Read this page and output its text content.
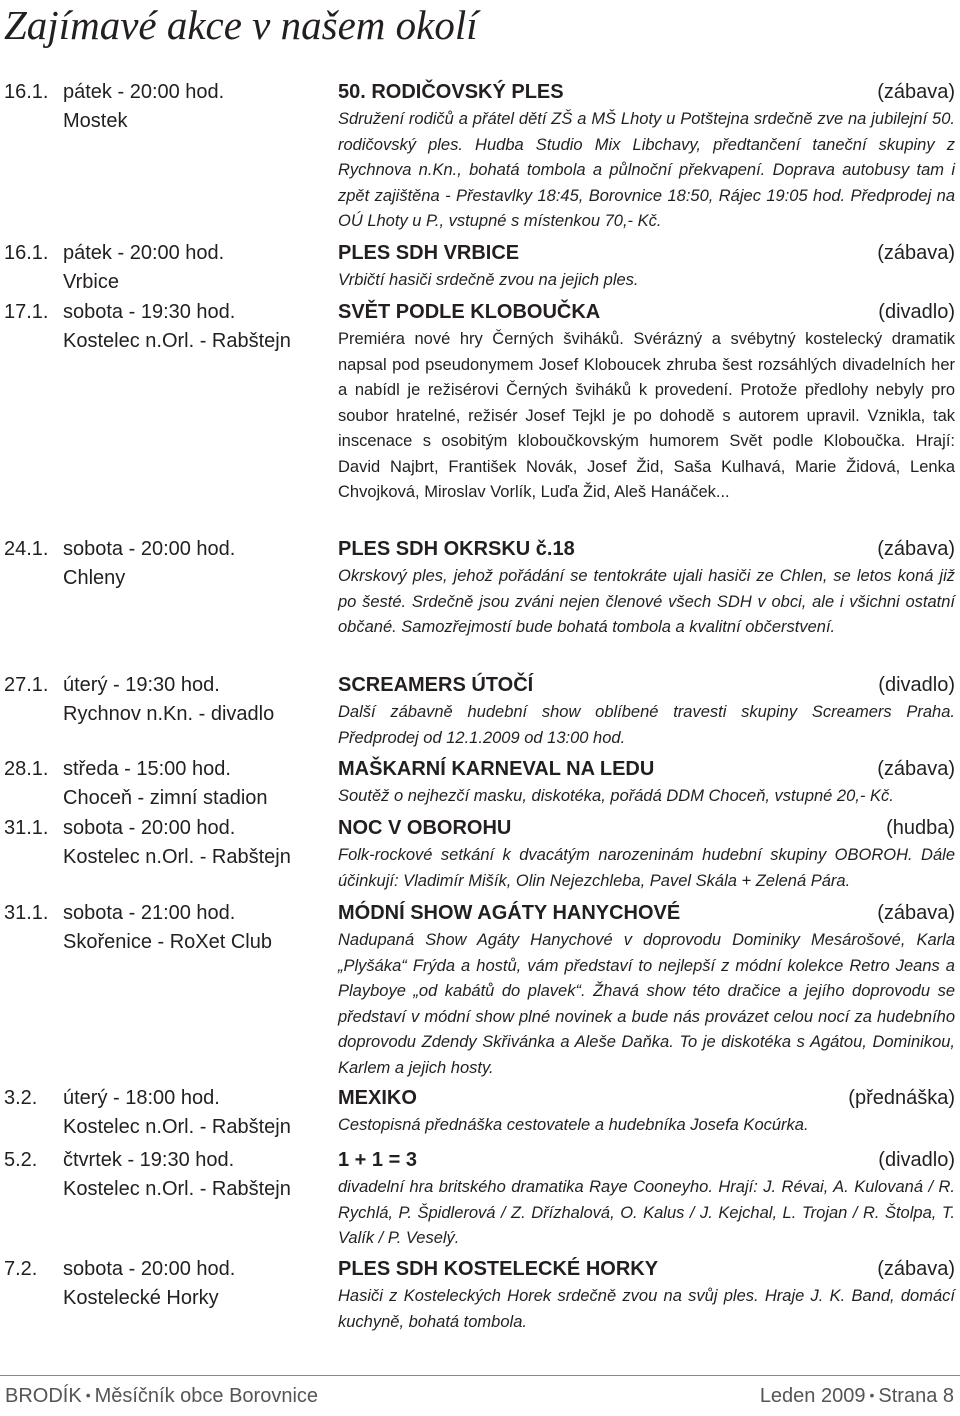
Zajímavé akce v našem okolí
16.1. pátek - 20:00 hod.
Mostek
50. RODIČOVSKÝ PLES	(zábava)

Sdružení rodičů a přátel dětí ZŠ a MŠ Lhoty u Potštejna srdečně zve na jubilejní 50. rodičovský ples. Hudba Studio Mix Libchavy, předtančení taneční skupiny z Rychnova n.Kn., bohatá tombola a půlnoční překvapení. Doprava autobusy tam i zpět zajištěna - Přestavlky 18:45, Borovnice 18:50, Rájec 19:05 hod. Předprodej na OÚ Lhoty u P., vstupné s místenkou 70,- Kč.

16.1. pátek - 20:00 hod.
Vrbice
PLES SDH VRBICE	(zábava)

Vrbičtí hasiči srdečně zvou na jejich ples.

17.1. sobota - 19:30 hod.
Kostelec n.Orl. - Rabštejn
SVĚT PODLE KLOBOUČKA	(divadlo)

Premiéra nové hry Černých šviháků. Svérázný a svébytný kostelecký dramatik napsal pod pseudonymem Josef Kloboucek zhruba šest rozsáhlých divadelních her a nabídl je režisérovi Černých šviháků k provedení. Protože předlohy nebyly pro soubor hratelné, režisér Josef Tejkl je po dohodě s autorem upravil. Vznikla, tak inscenace s osobitým kloboučkovským humorem Svět podle Kloboučka. Hrají: David Najbrt, František Novák, Josef Žid, Saša Kulhavá, Marie Židová, Lenka Chvojková, Miroslav Vorlík, Luďa Žid, Aleš Hanáček...

24.1. sobota - 20:00 hod.
Chleny
PLES SDH OKRSKU č.18	(zábava)

Okrskový ples, jehož pořádání se tentokráte ujali hasiči ze Chlen, se letos koná již po šesté. Srdečně jsou zváni nejen členové všech SDH v obci, ale i všichni ostatní občané. Samozřejmostí bude bohatá tombola a kvalitní občerstvení.

27.1. úterý - 19:30 hod.
Rychnov n.Kn. - divadlo
SCREAMERS ÚTOČÍ	(divadlo)

Další zábavně hudební show oblíbené travesti skupiny Screamers Praha. Předprodej od 12.1.2009 od 13:00 hod.

28.1. středa - 15:00 hod.
Choceň - zimní stadion
MAŠKARNÍ KARNEVAL NA LEDU	(zábava)

Soutěž o nejhezčí masku, diskotéka, pořádá DDM Choceň, vstupné 20,- Kč.

31.1. sobota - 20:00 hod.
Kostelec n.Orl. - Rabštejn
NOC V OBOROHU	(hudba)

Folk-rockové setkání k dvacátým narozeninám hudební skupiny OBOROH. Dále účinkují: Vladimír Mišík, Olin Nejezchleba, Pavel Skála + Zelená Pára.

31.1. sobota - 21:00 hod.
Skořenice - RoXet Club
MÓDNÍ SHOW AGÁTY HANYCHOVÉ	(zábava)

Nadupaná Show Agáty Hanychové v doprovodu Dominiky Mesárošové, Karla „Plyšáka“ Frýda a hostů, vám představí to nejlepší z módní kolekce Retro Jeans a Playboye „od kabátů do plavek“. Žhavá show této dračice a jejího doprovodu se představí v módní show plné novinek a bude nás provázet celou nocí za hudebního doprovodu Zdendy Skřivánka a Aleše Daňka. To je diskotéka s Agátou, Dominikou, Karlem a jejich hosty.

3.2. úterý - 18:00 hod.
Kostelec n.Orl. - Rabštejn
MEXIKO	(přednáška)

Cestopisná přednáška cestovatele a hudebníka Josefa Kocúrka.

5.2. čtvrtek - 19:30 hod.
Kostelec n.Orl. - Rabštejn
1 + 1 = 3	(divadlo)

divadelní hra britského dramatika Raye Cooneyho. Hrají: J. Révai, A. Kulovaná / R. Rychlá, P. Špidlerová / Z. Dřízhalová, O. Kalus / J. Kejchal, L. Trojan / R. Štolpa, T. Valík / P. Veselý.

7.2. sobota - 20:00 hod.
Kostelecké Horky
PLES SDH KOSTELECKÉ HORKY	(zábava)

Hasiči z Kosteleckých Horek srdečně zvou na svůj ples. Hraje J. K. Band, domácí kuchyně, bohatá tombola.

BRODÍK • Měsíčník obce Borovnice	Leden 2009 • Strana 8
